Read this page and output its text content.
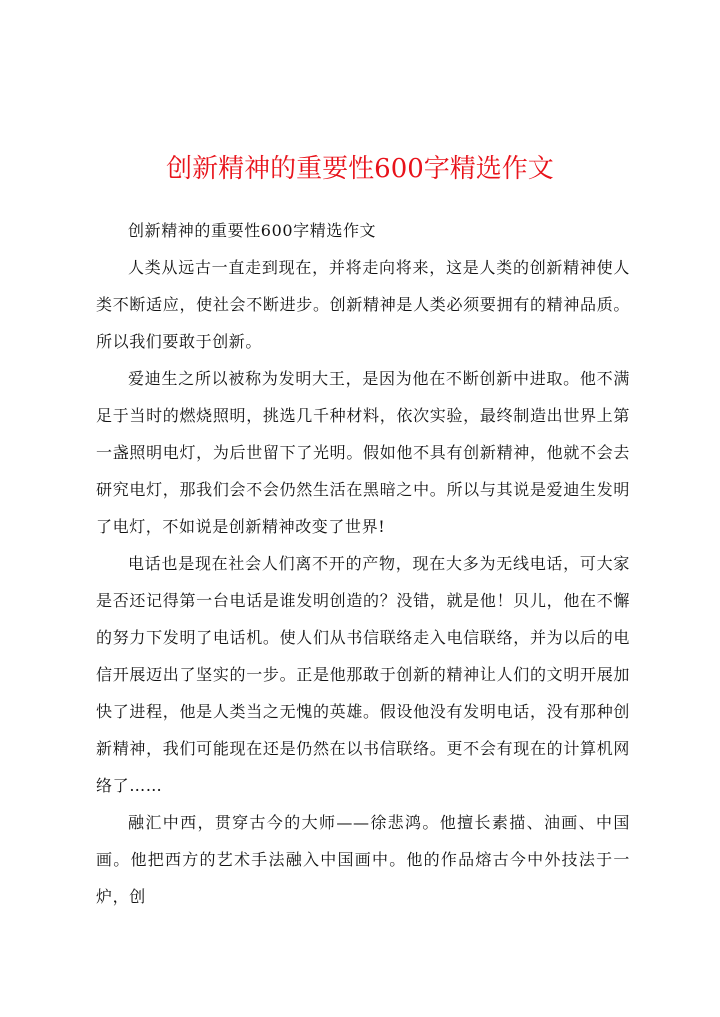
创新精神的重要性600字精选作文

创新精神的重要性600字精选作文

人类从远古一直走到现在，并将走向将来，这是人类的创新精神使人类不断适应，使社会不断进步。创新精神是人类必须要拥有的精神品质。所以我们要敢于创新。

爱迪生之所以被称为发明大王，是因为他在不断创新中进取。他不满足于当时的燃烧照明，挑选几千种材料，依次实验，最终制造出世界上第一盏照明电灯，为后世留下了光明。假如他不具有创新精神，他就不会去研究电灯，那我们会不会仍然生活在黑暗之中。所以与其说是爱迪生发明了电灯，不如说是创新精神改变了世界!

电话也是现在社会人们离不开的产物，现在大多为无线电话，可大家是否还记得第一台电话是谁发明创造的？没错，就是他！贝儿，他在不懈的努力下发明了电话机。使人们从书信联络走入电信联络，并为以后的电信开展迈出了坚实的一步。正是他那敢于创新的精神让人们的文明开展加快了进程，他是人类当之无愧的英雄。假设他没有发明电话，没有那种创新精神，我们可能现在还是仍然在以书信联络。更不会有现在的计算机网络了……

融汇中西，贯穿古今的大师——徐悲鸿。他擅长素描、油画、中国画。他把西方的艺术手法融入中国画中。他的作品熔古今中外技法于一炉，创
